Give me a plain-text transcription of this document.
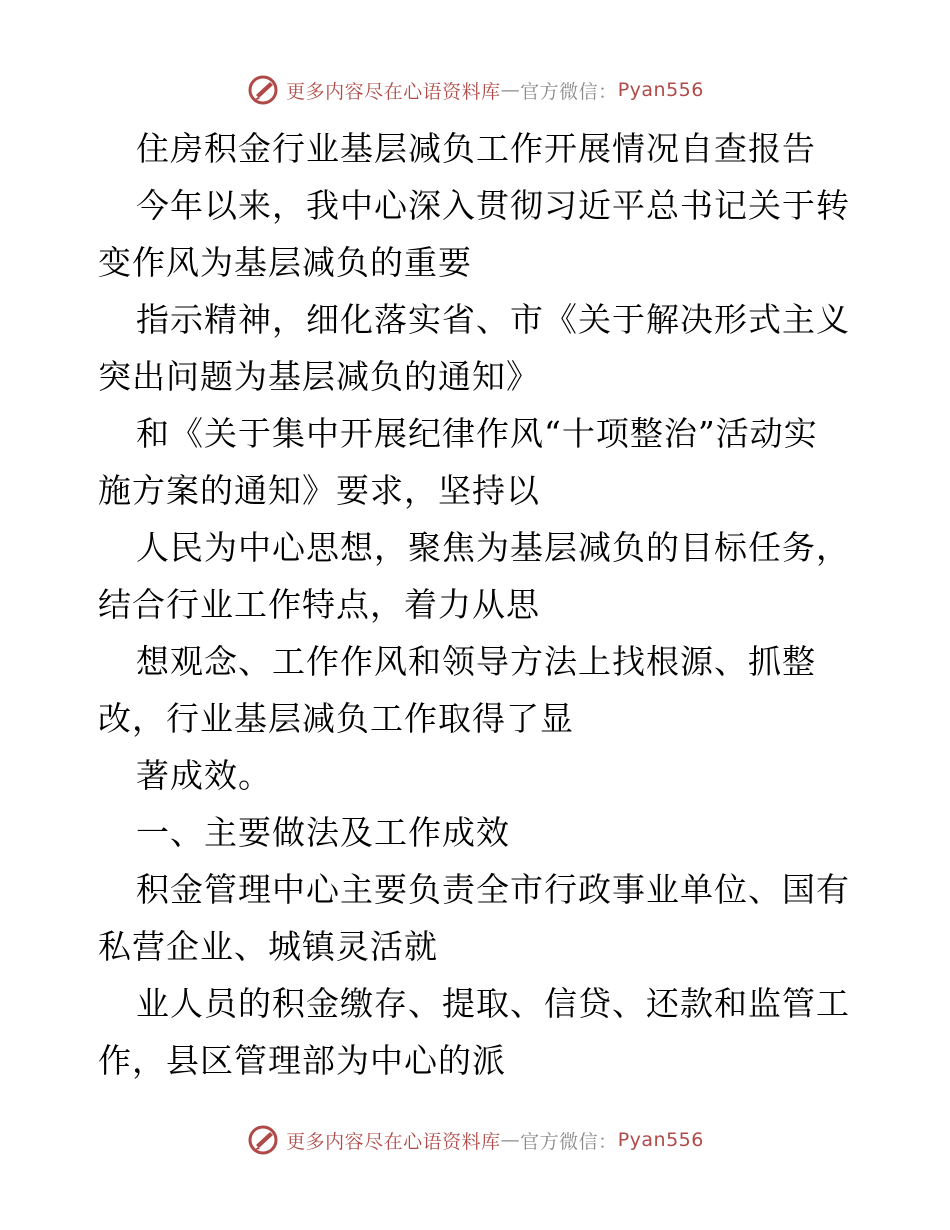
更多内容尽在心语资料库 — 官方微信： Pyan556
住房积金行业基层减负工作开展情况自查报告
今年以来，我中心深入贯彻习近平总书记关于转
变作风为基层减负的重要
指示精神，细化落实省、市《关于解决形式主义
突出问题为基层减负的通知》
和《关于集中开展纪律作风“十项整治”活动实
施方案的通知》要求，坚持以
人民为中心思想，聚焦为基层减负的目标任务，
结合行业工作特点，着力从思
想观念、工作作风和领导方法上找根源、抓整
改，行业基层减负工作取得了显
著成效。
一、主要做法及工作成效
积金管理中心主要负责全市行政事业单位、国有
私营企业、城镇灵活就
业人员的积金缴存、提取、信贷、还款和监管工
作，县区管理部为中心的派
更多内容尽在心语资料库 — 官方微信： Pyan556
